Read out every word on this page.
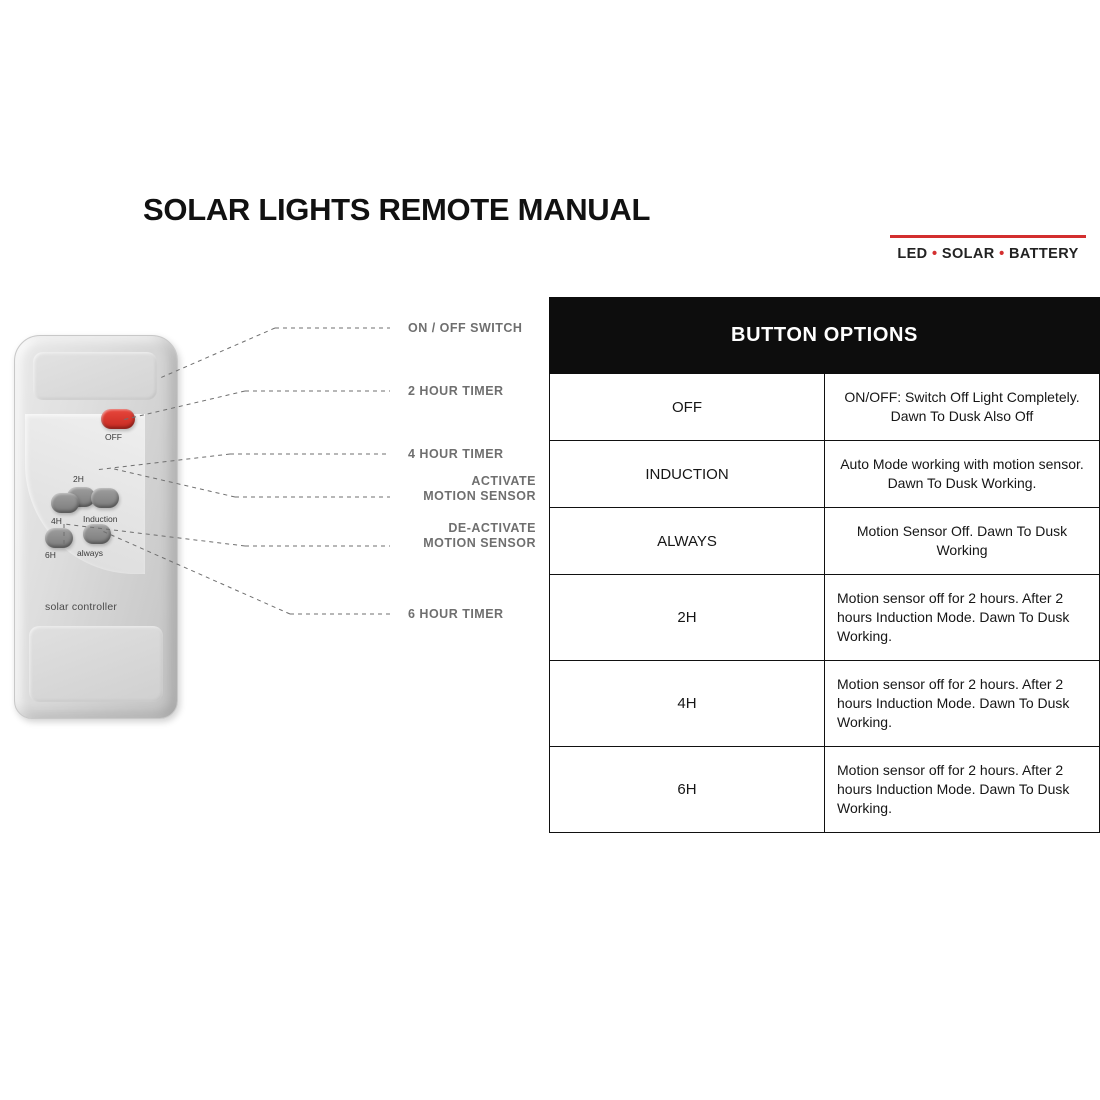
SOLAR LIGHTS REMOTE MANUAL
LED • SOLAR • BATTERY
OFF
2H
4H Induction
6H always
solar controller
ON / OFF SWITCH
2 HOUR TIMER
4 HOUR TIMER
ACTIVATE
MOTION SENSOR
DE-ACTIVATE
MOTION SENSOR
6 HOUR TIMER
BUTTON OPTIONS	
OFF	ON/OFF: Switch Off Light Completely. Dawn To Dusk Also Off
INDUCTION	Auto Mode working with motion sensor. Dawn To Dusk Working.
ALWAYS	Motion Sensor Off. Dawn To Dusk Working
2H	Motion sensor off for 2 hours. After 2 hours Induction Mode. Dawn To Dusk Working.
4H	Motion sensor off for 2 hours. After 2 hours Induction Mode. Dawn To Dusk Working.
6H	Motion sensor off for 2 hours. After 2 hours Induction Mode. Dawn To Dusk Working.
